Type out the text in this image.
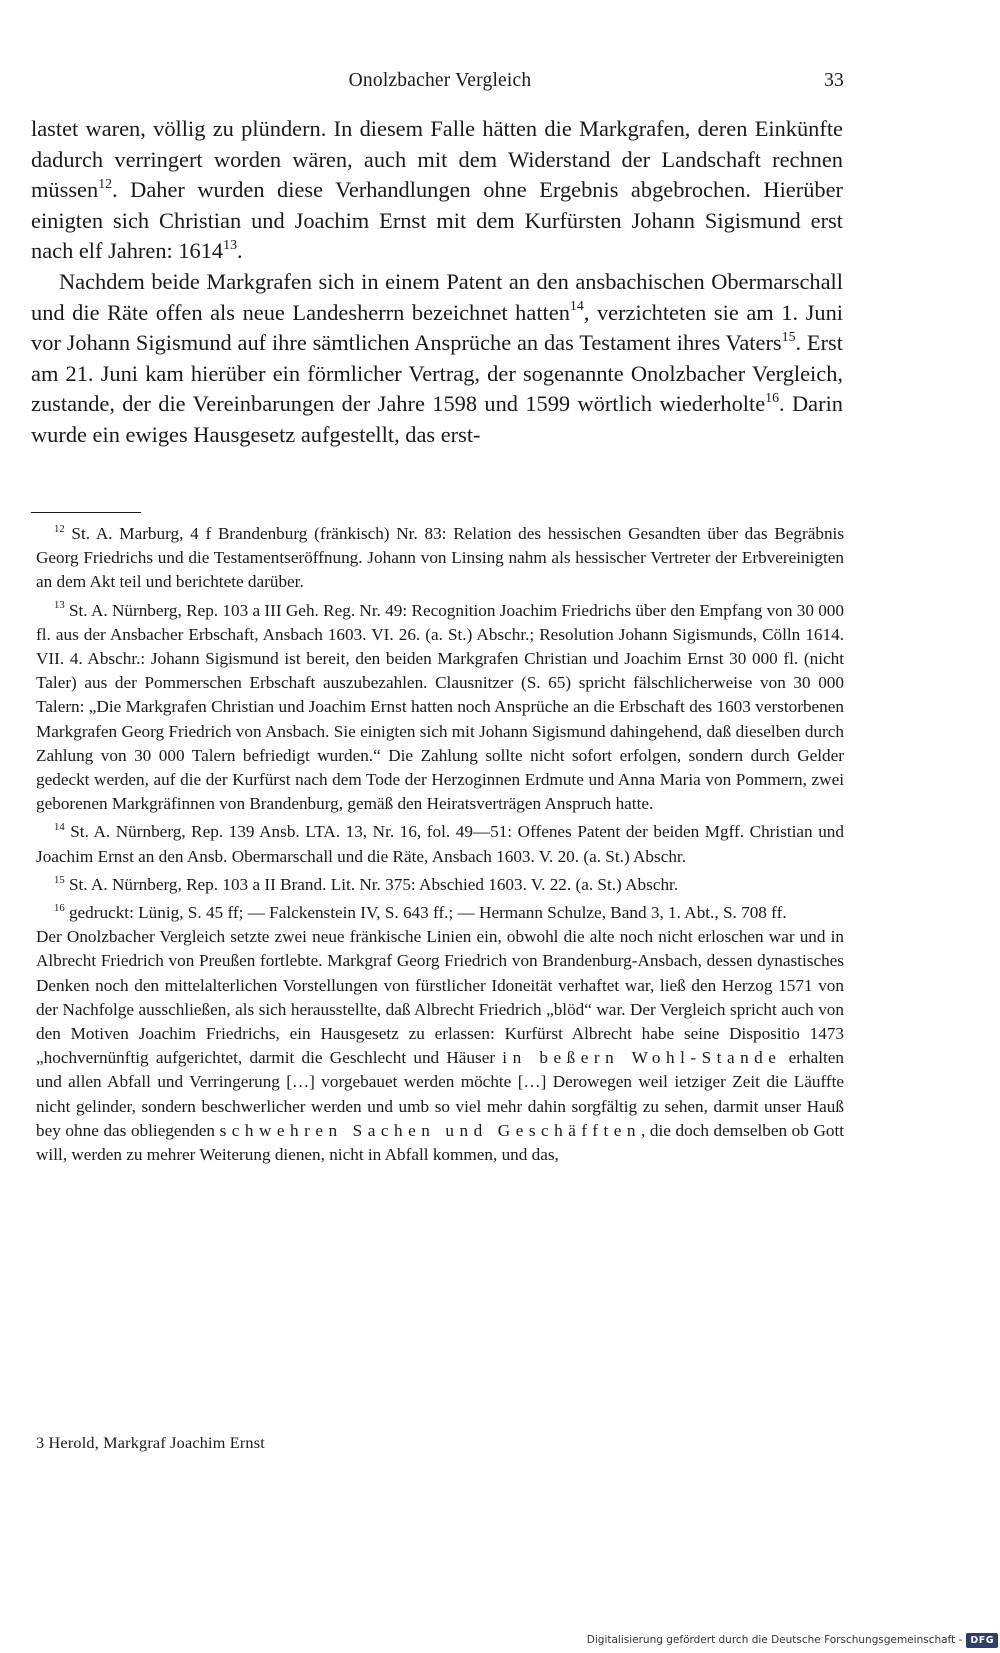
Onolzbacher Vergleich	33

lastet waren, völlig zu plündern. In diesem Falle hätten die Markgrafen, deren Einkünfte dadurch verringert worden wären, auch mit dem Widerstand der Landschaft rechnen müssen$^{12}$. Daher wurden diese Verhandlungen ohne Ergebnis abgebrochen. Hierüber einigten sich Christian und Joachim Ernst mit dem Kurfürsten Johann Sigismund erst nach elf Jahren: 1614$^{13}$.

Nachdem beide Markgrafen sich in einem Patent an den ansbachischen Obermarschall und die Räte offen als neue Landesherrn bezeichnet hatten$^{14}$, verzichteten sie am 1. Juni vor Johann Sigismund auf ihre sämtlichen Ansprüche an das Testament ihres Vaters$^{15}$. Erst am 21. Juni kam hierüber ein förmlicher Vertrag, der sogenannte Onolzbacher Vergleich, zustande, der die Vereinbarungen der Jahre 1598 und 1599 wörtlich wiederholte$^{16}$. Darin wurde ein ewiges Hausgesetz aufgestellt, das erst-

$^{12}$ St. A. Marburg, 4 f Brandenburg (fränkisch) Nr. 83: Relation des hessischen Gesandten über das Begräbnis Georg Friedrichs und die Testamentseröffnung. Johann von Linsing nahm als hessischer Vertreter der Erbvereinigten an dem Akt teil und berichtete darüber.

$^{13}$ St. A. Nürnberg, Rep. 103 a III Geh. Reg. Nr. 49: Recognition Joachim Friedrichs über den Empfang von 30 000 fl. aus der Ansbacher Erbschaft, Ansbach 1603. VI. 26. (a. St.) Abschr.; Resolution Johann Sigismunds, Cölln 1614. VII. 4. Abschr.: Johann Sigismund ist bereit, den beiden Markgrafen Christian und Joachim Ernst 30 000 fl. (nicht Taler) aus der Pommerschen Erbschaft auszubezahlen. Clausnitzer (S. 65) spricht fälschlicherweise von 30 000 Talern: „Die Markgrafen Christian und Joachim Ernst hatten noch Ansprüche an die Erbschaft des 1603 verstorbenen Markgrafen Georg Friedrich von Ansbach. Sie einigten sich mit Johann Sigismund dahingehend, daß dieselben durch Zahlung von 30 000 Talern befriedigt wurden.“ Die Zahlung sollte nicht sofort erfolgen, sondern durch Gelder gedeckt werden, auf die der Kurfürst nach dem Tode der Herzoginnen Erdmute und Anna Maria von Pommern, zwei geborenen Markgräfinnen von Brandenburg, gemäß den Heiratsverträgen Anspruch hatte.

$^{14}$ St. A. Nürnberg, Rep. 139 Ansb. LTA. 13, Nr. 16, fol. 49—51: Offenes Patent der beiden Mgff. Christian und Joachim Ernst an den Ansb. Obermarschall und die Räte, Ansbach 1603. V. 20. (a. St.) Abschr.

$^{15}$ St. A. Nürnberg, Rep. 103 a II Brand. Lit. Nr. 375: Abschied 1603. V. 22. (a. St.) Abschr.

$^{16}$ gedruckt: Lünig, S. 45 ff; — Falckenstein IV, S. 643 ff.; — Hermann Schulze, Band 3, 1. Abt., S. 708 ff.

Der Onolzbacher Vergleich setzte zwei neue fränkische Linien ein, obwohl die alte noch nicht erloschen war und in Albrecht Friedrich von Preußen fortlebte. Markgraf Georg Friedrich von Brandenburg-Ansbach, dessen dynastisches Denken noch den mittelalterlichen Vorstellungen von fürstlicher Idoneität verhaftet war, ließ den Herzog 1571 von der Nachfolge ausschließen, als sich herausstellte, daß Albrecht Friedrich „blöd“ war. Der Vergleich spricht auch von den Motiven Joachim Friedrichs, ein Hausgesetz zu erlassen: Kurfürst Albrecht habe seine Dispositio 1473 „hochvernünftig aufgerichtet, darmit die Geschlecht und Häuser in beßern Wohl-Stande erhalten und allen Abfall und Verringerung […] vorgebauet werden möchte […] Derowegen weil ietziger Zeit die Läuffte nicht gelinder, sondern beschwerlicher werden und umb so viel mehr dahin sorgfältig zu sehen, darmit unser Hauß bey ohne das obliegenden schwehren Sachen und Geschäfften, die doch demselben ob Gott will, werden zu mehrer Weiterung dienen, nicht in Abfall kommen, und das,

3 Herold, Markgraf Joachim Ernst
Digitalisierung gefördert durch die Deutsche Forschungsgemeinschaft - DFG
